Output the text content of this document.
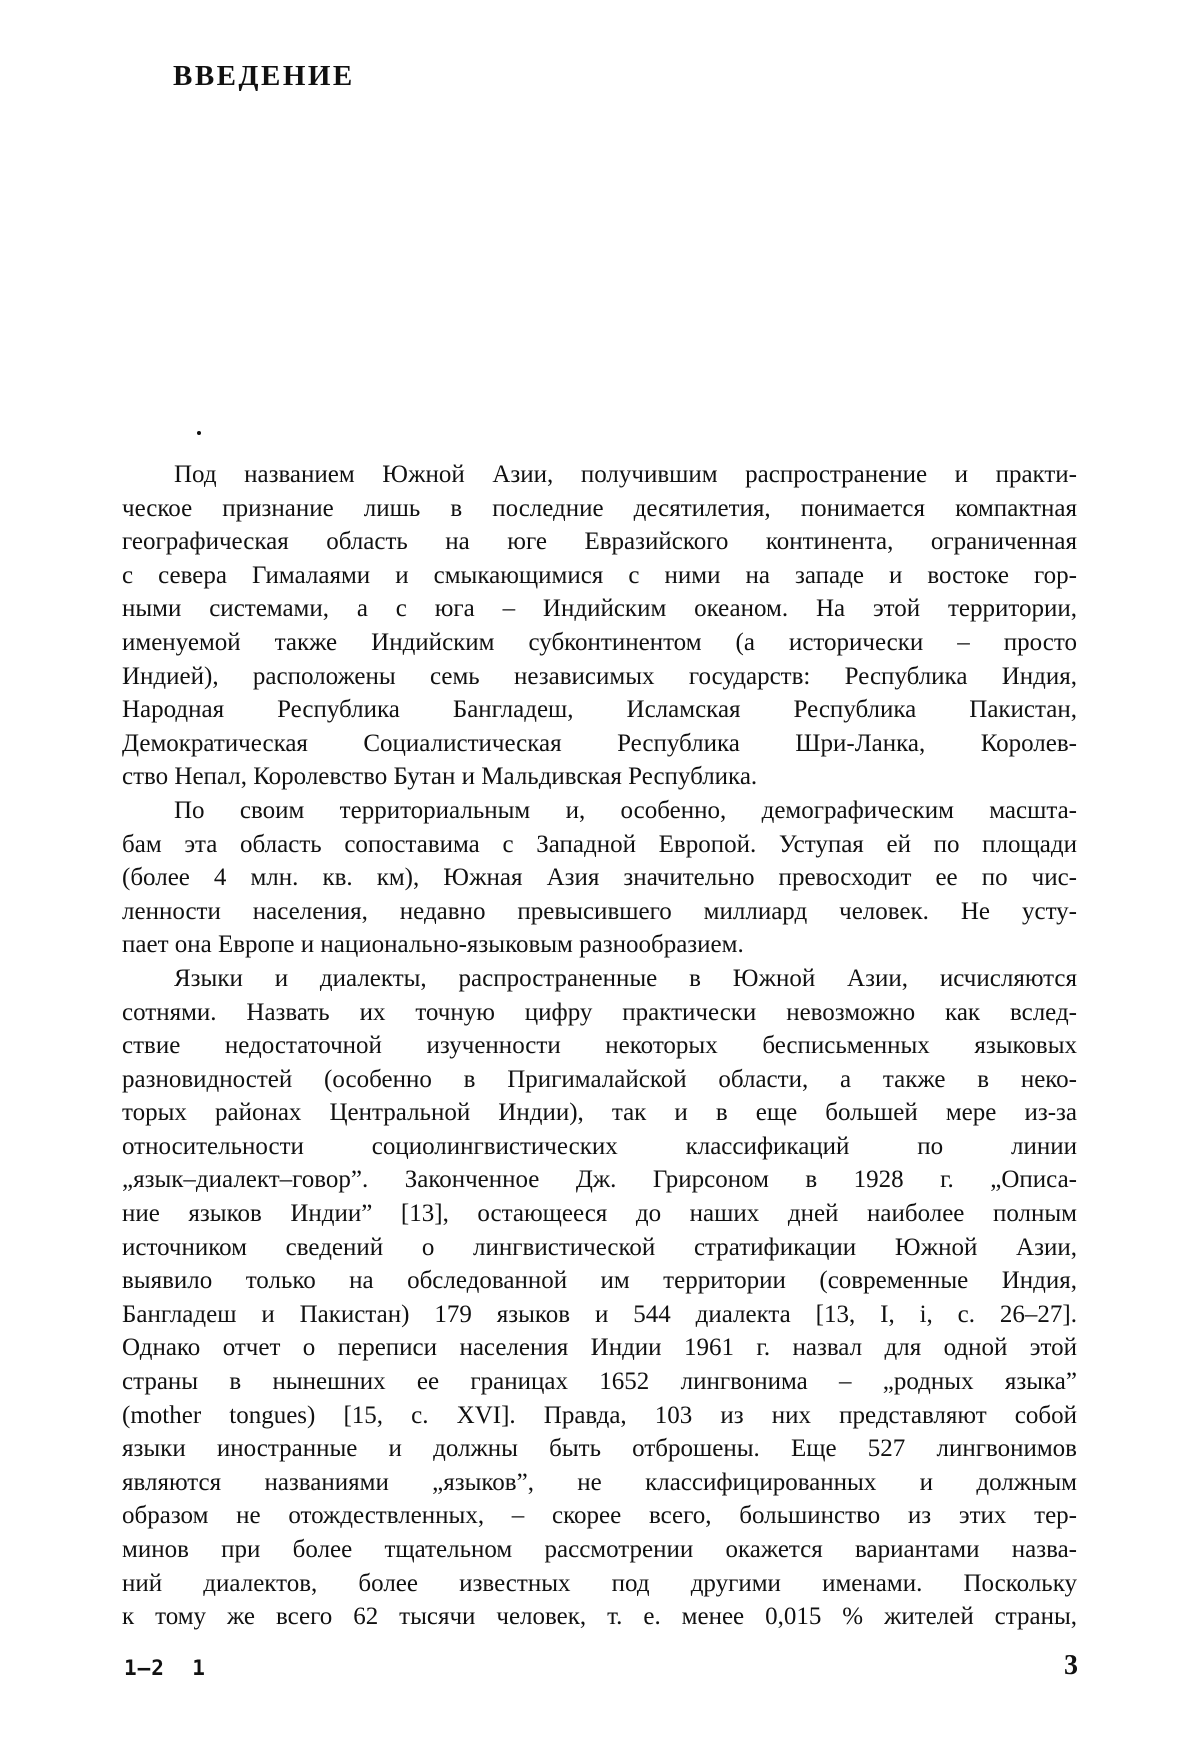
ВВЕДЕНИЕ
Под названием Южной Азии, получившим распространение и практи-
ческое признание лишь в последние десятилетия, понимается компактная
географическая область на юге Евразийского континента, ограниченная
с севера Гималаями и смыкающимися с ними на западе и востоке гор-
ными системами, а с юга – Индийским океаном. На этой территории,
именуемой также Индийским субконтинентом (а исторически – просто
Индией), расположены семь независимых государств: Республика Индия,
Народная Республика Бангладеш, Исламская Республика Пакистан,
Демократическая Социалистическая Республика Шри-Ланка, Королев-
ство Непал, Королевство Бутан и Мальдивская Республика.
По своим территориальным и, особенно, демографическим масшта-
бам эта область сопоставима с Западной Европой. Уступая ей по площади
(более 4 млн. кв. км), Южная Азия значительно превосходит ее по чис-
ленности населения, недавно превысившего миллиард человек. Не усту-
пает она Европе и национально-языковым разнообразием.
Языки и диалекты, распространенные в Южной Азии, исчисляются
сотнями. Назвать их точную цифру практически невозможно как вслед-
ствие недостаточной изученности некоторых бесписьменных языковых
разновидностей (особенно в Пригималайской области, а также в неко-
торых районах Центральной Индии), так и в еще большей мере из-за
относительности социолингвистических классификаций по линии
„язык–диалект–говор”. Законченное Дж. Грирсоном в 1928 г. „Описа-
ние языков Индии” [13], остающееся до наших дней наиболее полным
источником сведений о лингвистической стратификации Южной Азии,
выявило только на обследованной им территории (современные Индия,
Бангладеш и Пакистан) 179 языков и 544 диалекта [13, I, i, с. 26–27].
Однако отчет о переписи населения Индии 1961 г. назвал для одной этой
страны в нынешних ее границах 1652 лингвонима – „родных языка”
(mother tongues) [15, с. XVI]. Правда, 103 из них представляют собой
языки иностранные и должны быть отброшены. Еще 527 лингвонимов
являются названиями „языков”, не классифицированных и должным
образом не отождествленных, – скорее всего, большинство из этих тер-
минов при более тщательном рассмотрении окажется вариантами назва-
ний диалектов, более известных под другими именами. Поскольку
к тому же всего 62 тысячи человек, т. е. менее 0,015 % жителей страны,
1–2  1	3
